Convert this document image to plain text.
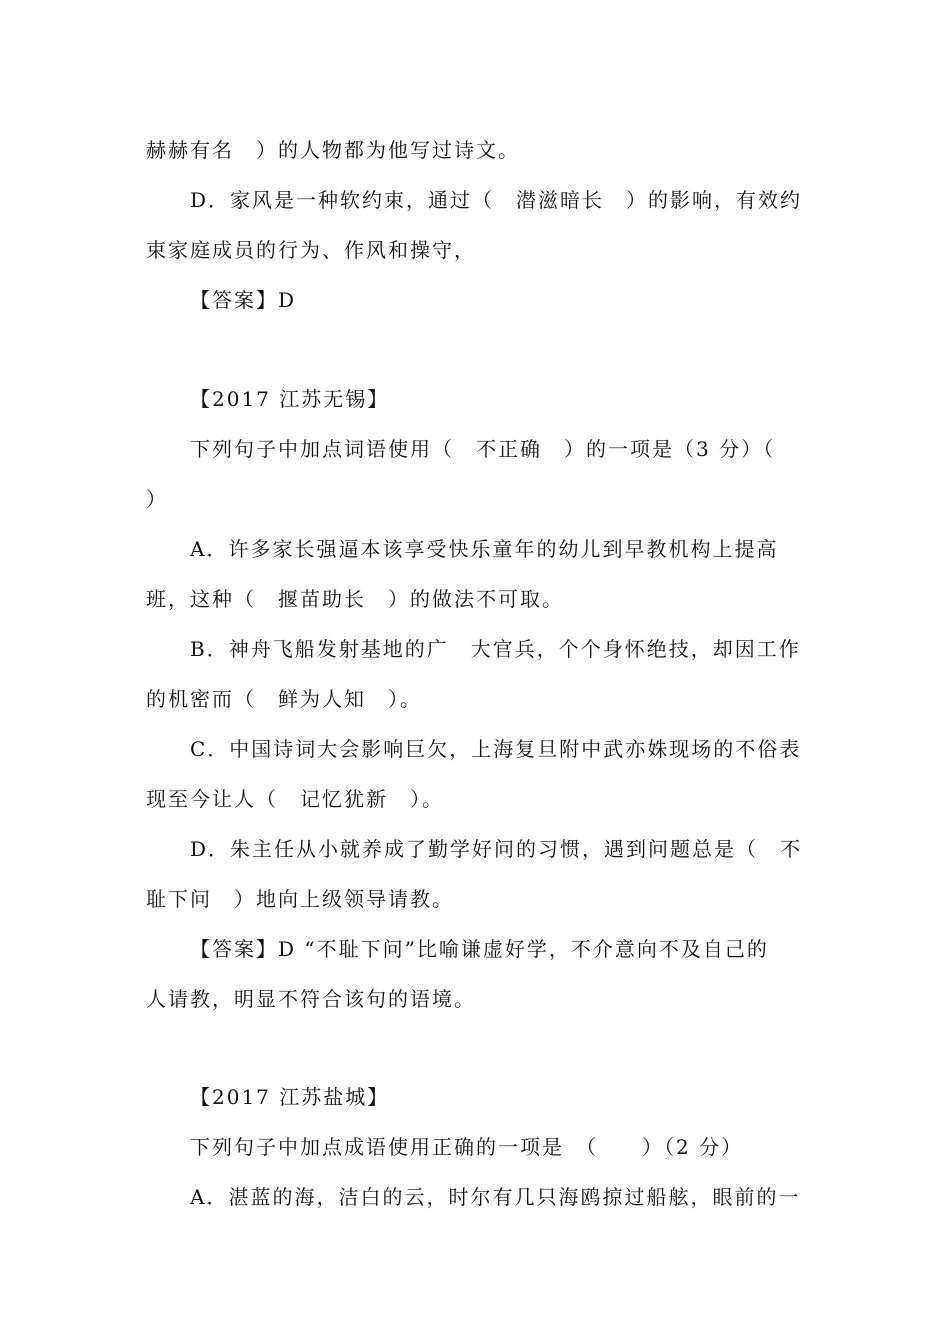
赫赫有名　）的人物都为他写过诗文。
D．家风是一种软约束，通过（　潜滋暗长　）的影响，有效约
束家庭成员的行为、作风和操守，
【答案】D
【2017 江苏无锡】
下列句子中加点词语使用（　不正确　）的一项是（3 分）（
）
A．许多家长强逼本该享受快乐童年的幼儿到早教机构上提高
班，这种（　揠苗助长　）的做法不可取。
B．神舟飞船发射基地的广　大官兵，个个身怀绝技，却因工作
的机密而（　鲜为人知　）。
C．中国诗词大会影响巨欠，上海复旦附中武亦姝现场的不俗表
现至今让人（　记忆犹新　）。
D．朱主任从小就养成了勤学好问的习惯，遇到问题总是（　不
耻下问　）地向上级领导请教。
【答案】D “不耻下问”比喻谦虚好学，不介意向不及自己的
人请教，明显不符合该句的语境。
【2017 江苏盐城】
下列句子中加点成语使用正确的一项是　（　　）（2 分）
A．湛蓝的海，洁白的云，时尔有几只海鸥掠过船舷，眼前的一
